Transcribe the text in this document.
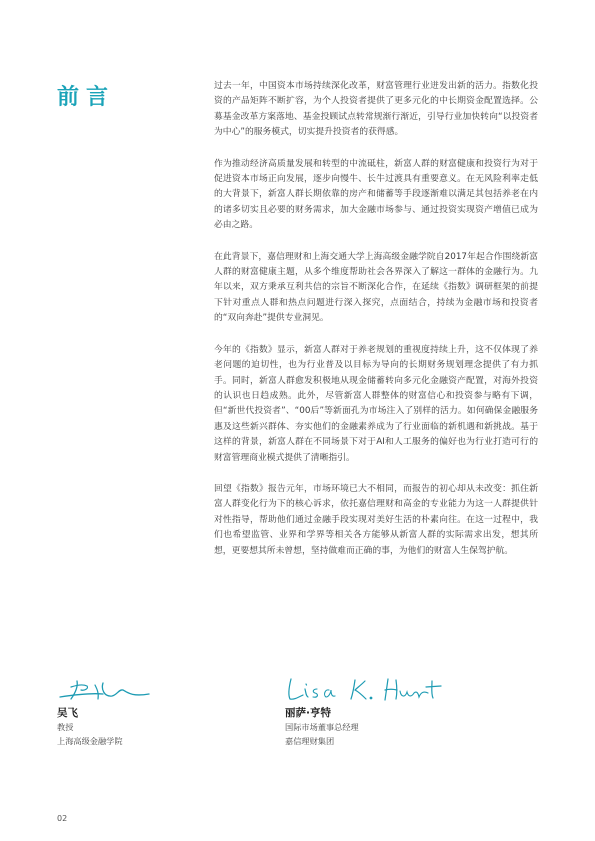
前言	过去一年，中国资本市场持续深化改革，财富管理行业迸发出新的活力。指数化投资的产品矩阵不断扩容，为个人投资者提供了更多元化的中长期资金配置选择。公募基金改革方案落地、基金投顾试点转常规渐行渐近，引导行业加快转向“以投资者为中心”的服务模式，切实提升投资者的获得感。

作为推动经济高质量发展和转型的中流砥柱，新富人群的财富健康和投资行为对于促进资本市场正向发展，逐步向慢牛、长牛过渡具有重要意义。在无风险利率走低的大背景下，新富人群长期依靠的房产和储蓄等手段逐渐难以满足其包括养老在内的诸多切实且必要的财务需求，加大金融市场参与、通过投资实现资产增值已成为必由之路。

在此背景下，嘉信理财和上海交通大学上海高级金融学院自2017年起合作围绕新富人群的财富健康主题，从多个维度帮助社会各界深入了解这一群体的金融行为。九年以来，双方秉承互利共信的宗旨不断深化合作，在延续《指数》调研框架的前提下针对重点人群和热点问题进行深入探究，点面结合，持续为金融市场和投资者的“双向奔赴”提供专业洞见。

今年的《指数》显示，新富人群对于养老规划的重视度持续上升，这不仅体现了养老问题的迫切性，也为行业普及以目标为导向的长期财务规划理念提供了有力抓手。同时，新富人群愈发积极地从现金储蓄转向多元化金融资产配置，对海外投资的认识也日趋成熟。此外，尽管新富人群整体的财富信心和投资参与略有下调，但“新世代投资者”、“00后”等新面孔为市场注入了别样的活力。如何确保金融服务惠及这些新兴群体、夯实他们的金融素养成为了行业面临的新机遇和新挑战。基于这样的背景，新富人群在不同场景下对于AI和人工服务的偏好也为行业打造可行的财富管理商业模式提供了清晰指引。

回望《指数》报告元年，市场环境已大不相同，而报告的初心却从未改变：抓住新富人群变化行为下的核心诉求，依托嘉信理财和高金的专业能力为这一人群提供针对性指导，帮助他们通过金融手段实现对美好生活的朴素向往。在这一过程中，我们也希望监管、业界和学界等相关各方能够从新富人群的实际需求出发，想其所想，更要想其所未曾想，坚持做难而正确的事，为他们的财富人生保驾护航。

吴飞
教授
上海高级金融学院
丽萨·亨特
国际市场董事总经理
嘉信理财集团
02
